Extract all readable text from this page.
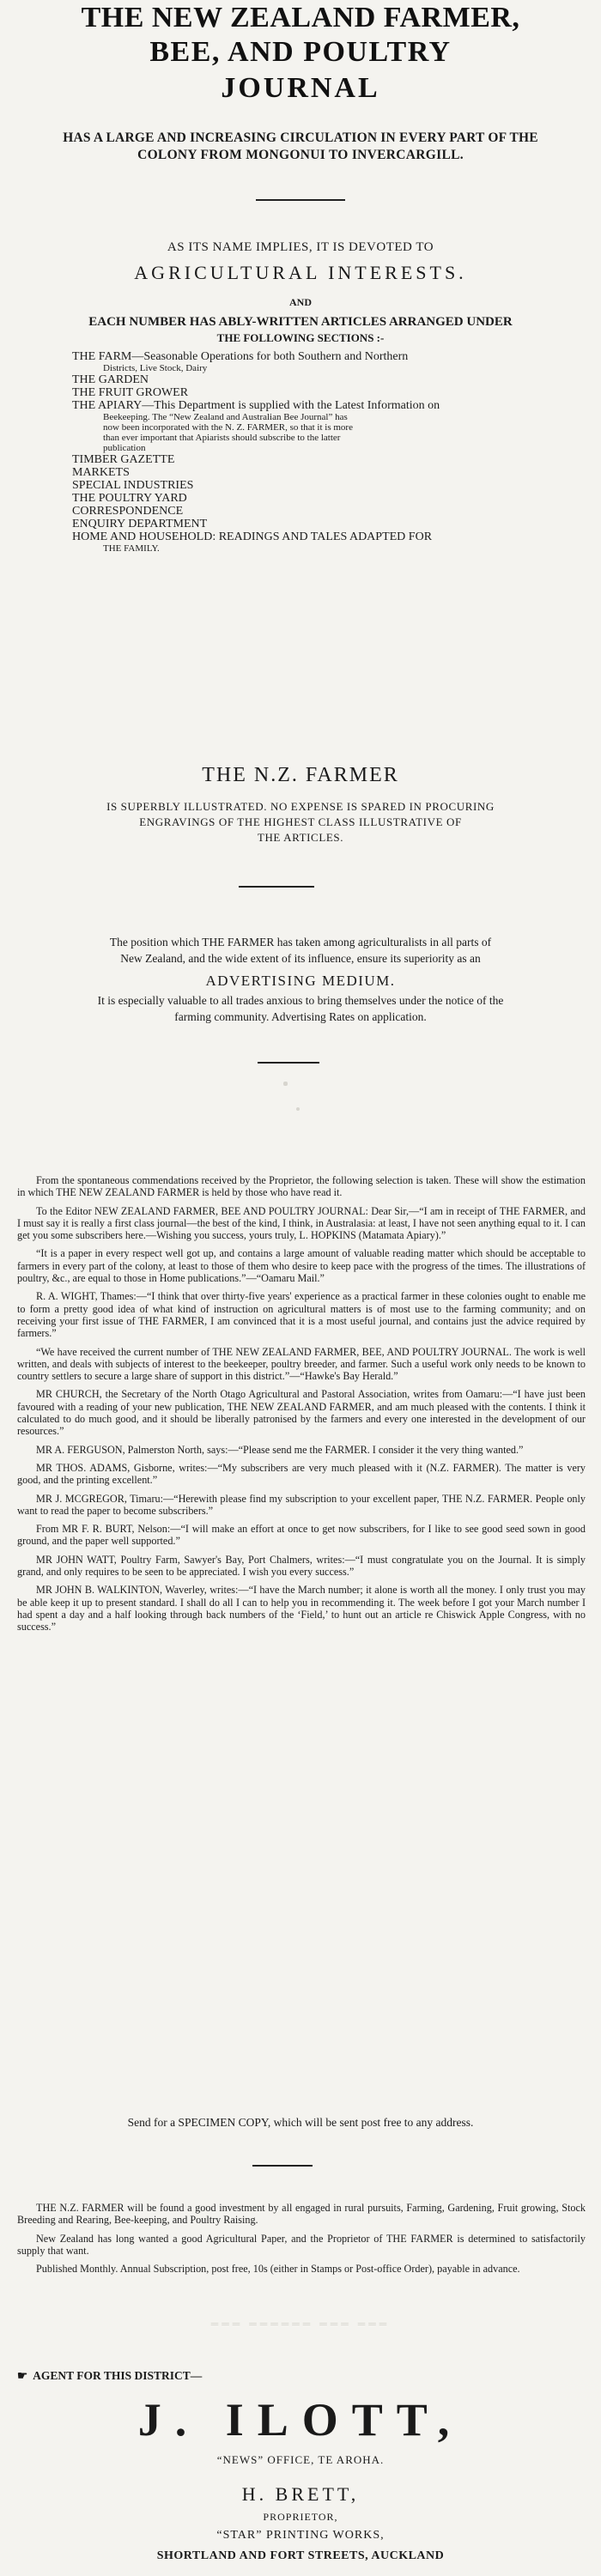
THE NEW ZEALAND FARMER,
BEE, AND POULTRY
JOURNAL
HAS A LARGE AND INCREASING CIRCULATION IN EVERY PART OF THE
COLONY FROM MONGONUI TO INVERCARGILL.
AS ITS NAME IMPLIES, IT IS DEVOTED TO
AGRICULTURAL INTERESTS.
AND
EACH NUMBER HAS ABLY-WRITTEN ARTICLES ARRANGED UNDER
THE FOLLOWING SECTIONS :-
THE FARM—Seasonable Operations for both Southern and Northern
Districts, Live Stock, Dairy
THE GARDEN
THE FRUIT GROWER
THE APIARY—This Department is supplied with the Latest Information on
Beekeeping. The “New Zealand and Australian Bee Journal” has
now been incorporated with the N. Z. FARMER, so that it is more
than ever important that Apiarists should subscribe to the latter
publication
TIMBER GAZETTE
MARKETS
SPECIAL INDUSTRIES
THE POULTRY YARD
CORRESPONDENCE
ENQUIRY DEPARTMENT
HOME AND HOUSEHOLD: READINGS AND TALES ADAPTED FOR
THE FAMILY.
THE N.Z. FARMER
IS SUPERBLY ILLUSTRATED. NO EXPENSE IS SPARED IN PROCURING
ENGRAVINGS OF THE HIGHEST CLASS ILLUSTRATIVE OF
THE ARTICLES.
The position which THE FARMER has taken among agriculturalists in all parts of
New Zealand, and the wide extent of its influence, ensure its superiority as an
ADVERTISING MEDIUM.
It is especially valuable to all trades anxious to bring themselves under the notice of the
farming community. Advertising Rates on application.

From the spontaneous commendations received by the Proprietor, the following selection is taken. These will show the estimation in which THE NEW ZEALAND FARMER is held by those who have read it.

To the Editor NEW ZEALAND FARMER, BEE AND POULTRY JOURNAL: Dear Sir,—“I am in receipt of THE FARMER, and I must say it is really a first class journal—the best of the kind, I think, in Australasia: at least, I have not seen anything equal to it. I can get you some subscribers here.—Wishing you success, yours truly, L. HOPKINS (Matamata Apiary).”

“It is a paper in every respect well got up, and contains a large amount of valuable reading matter which should be acceptable to farmers in every part of the colony, at least to those of them who desire to keep pace with the progress of the times. The illustrations of poultry, &c., are equal to those in Home publications.”—“Oamaru Mail.”

R. A. WIGHT, Thames:—“I think that over thirty-five years' experience as a practical farmer in these colonies ought to enable me to form a pretty good idea of what kind of instruction on agricultural matters is of most use to the farming community; and on receiving your first issue of THE FARMER, I am convinced that it is a most useful journal, and contains just the advice required by farmers.”

“We have received the current number of THE NEW ZEALAND FARMER, BEE, AND POULTRY JOURNAL. The work is well written, and deals with subjects of interest to the beekeeper, poultry breeder, and farmer. Such a useful work only needs to be known to country settlers to secure a large share of support in this district.”—“Hawke's Bay Herald.”

MR CHURCH, the Secretary of the North Otago Agricultural and Pastoral Association, writes from Oamaru:—“I have just been favoured with a reading of your new publication, THE NEW ZEALAND FARMER, and am much pleased with the contents. I think it calculated to do much good, and it should be liberally patronised by the farmers and every one interested in the development of our resources.”

MR A. FERGUSON, Palmerston North, says:—“Please send me the FARMER. I consider it the very thing wanted.”

MR THOS. ADAMS, Gisborne, writes:—“My subscribers are very much pleased with it (N.Z. FARMER). The matter is very good, and the printing excellent.”

MR J. MCGREGOR, Timaru:—“Herewith please find my subscription to your excellent paper, THE N.Z. FARMER. People only want to read the paper to become subscribers.”

From MR F. R. BURT, Nelson:—“I will make an effort at once to get now subscribers, for I like to see good seed sown in good ground, and the paper well supported.”

MR JOHN WATT, Poultry Farm, Sawyer's Bay, Port Chalmers, writes:—“I must congratulate you on the Journal. It is simply grand, and only requires to be seen to be appreciated. I wish you every success.”

MR JOHN B. WALKINTON, Waverley, writes:—“I have the March number; it alone is worth all the money. I only trust you may be able keep it up to present standard. I shall do all I can to help you in recommending it. The week before I got your March number I had spent a day and a half looking through back numbers of the ‘Field,’ to hunt out an article re Chiswick Apple Congress, with no success.”

Send for a SPECIMEN COPY, which will be sent post free to any address.

THE N.Z. FARMER will be found a good investment by all engaged in rural pursuits, Farming, Gardening, Fruit growing, Stock Breeding and Rearing, Bee-keeping, and Poultry Raising.

New Zealand has long wanted a good Agricultural Paper, and the Proprietor of THE FARMER is determined to satisfactorily supply that want.

Published Monthly. Annual Subscription, post free, 10s (either in Stamps or Post-office Order), payable in advance.

═══ ══════ ═══ ═══
☛ AGENT FOR THIS DISTRICT—
J. ILOTT,
“NEWS” OFFICE, TE AROHA.
H. BRETT,
PROPRIETOR,
“STAR” PRINTING WORKS,
SHORTLAND AND FORT STREETS, AUCKLAND
